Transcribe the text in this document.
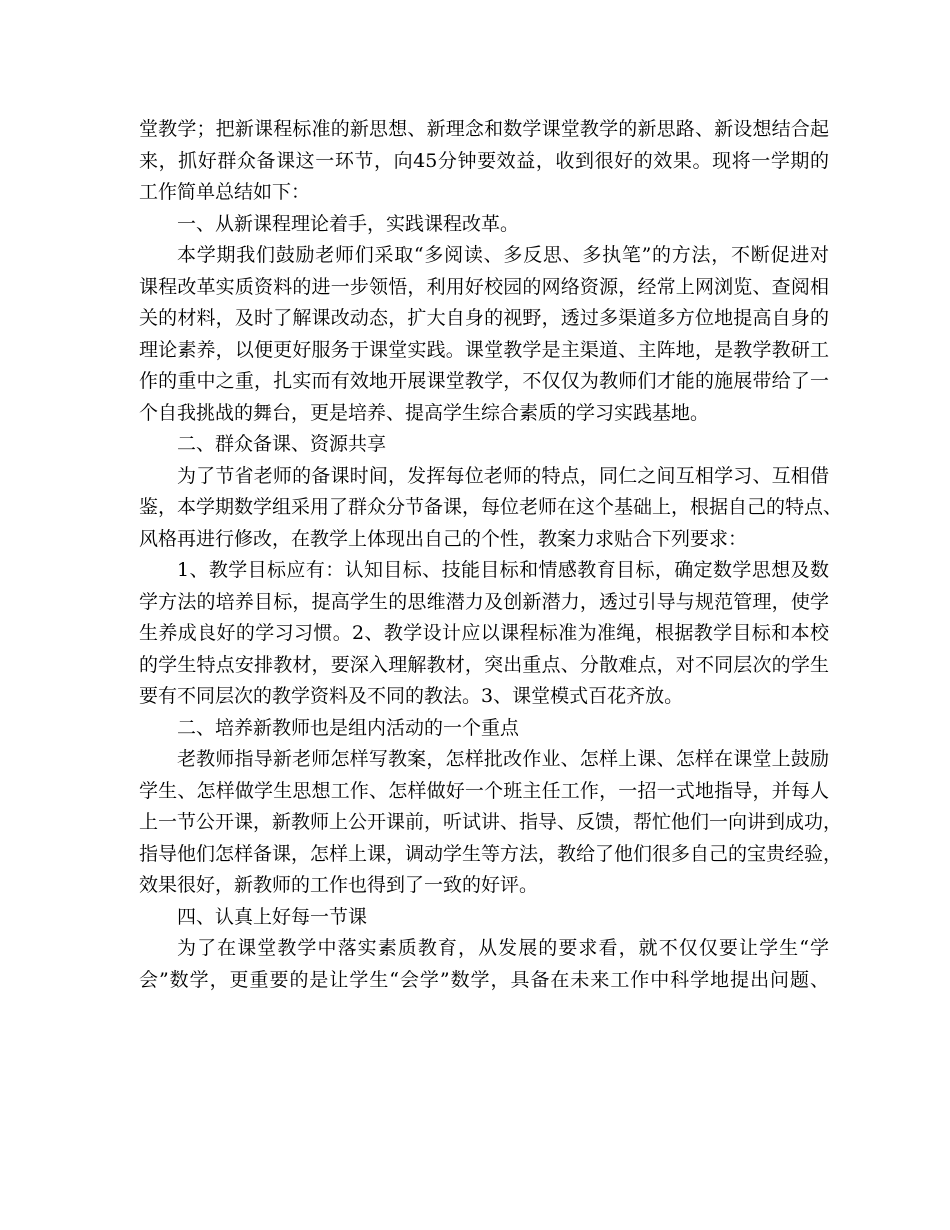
堂教学；把新课程标准的新思想、新理念和数学课堂教学的新思路、新设想结合起
来，抓好群众备课这一环节，向45分钟要效益，收到很好的效果。现将一学期的
工作简单总结如下：
一、从新课程理论着手，实践课程改革。
本学期我们鼓励老师们采取“多阅读、多反思、多执笔”的方法，不断促进对
课程改革实质资料的进一步领悟，利用好校园的网络资源，经常上网浏览、查阅相
关的材料，及时了解课改动态，扩大自身的视野，透过多渠道多方位地提高自身的
理论素养，以便更好服务于课堂实践。课堂教学是主渠道、主阵地，是教学教研工
作的重中之重，扎实而有效地开展课堂教学，不仅仅为教师们才能的施展带给了一
个自我挑战的舞台，更是培养、提高学生综合素质的学习实践基地。
二、群众备课、资源共享
为了节省老师的备课时间，发挥每位老师的特点，同仁之间互相学习、互相借
鉴，本学期数学组采用了群众分节备课，每位老师在这个基础上，根据自己的特点、
风格再进行修改，在教学上体现出自己的个性，教案力求贴合下列要求：
1、教学目标应有：认知目标、技能目标和情感教育目标，确定数学思想及数
学方法的培养目标，提高学生的思维潜力及创新潜力，透过引导与规范管理，使学
生养成良好的学习习惯。2、教学设计应以课程标准为准绳，根据教学目标和本校
的学生特点安排教材，要深入理解教材，突出重点、分散难点，对不同层次的学生
要有不同层次的教学资料及不同的教法。3、课堂模式百花齐放。
二、培养新教师也是组内活动的一个重点
老教师指导新老师怎样写教案，怎样批改作业、怎样上课、怎样在课堂上鼓励
学生、怎样做学生思想工作、怎样做好一个班主任工作，一招一式地指导，并每人
上一节公开课，新教师上公开课前，听试讲、指导、反馈，帮忙他们一向讲到成功，
指导他们怎样备课，怎样上课，调动学生等方法，教给了他们很多自己的宝贵经验，
效果很好，新教师的工作也得到了一致的好评。
四、认真上好每一节课
为了在课堂教学中落实素质教育，从发展的要求看，就不仅仅要让学生“学
会”数学，更重要的是让学生“会学”数学，具备在未来工作中科学地提出问题、
